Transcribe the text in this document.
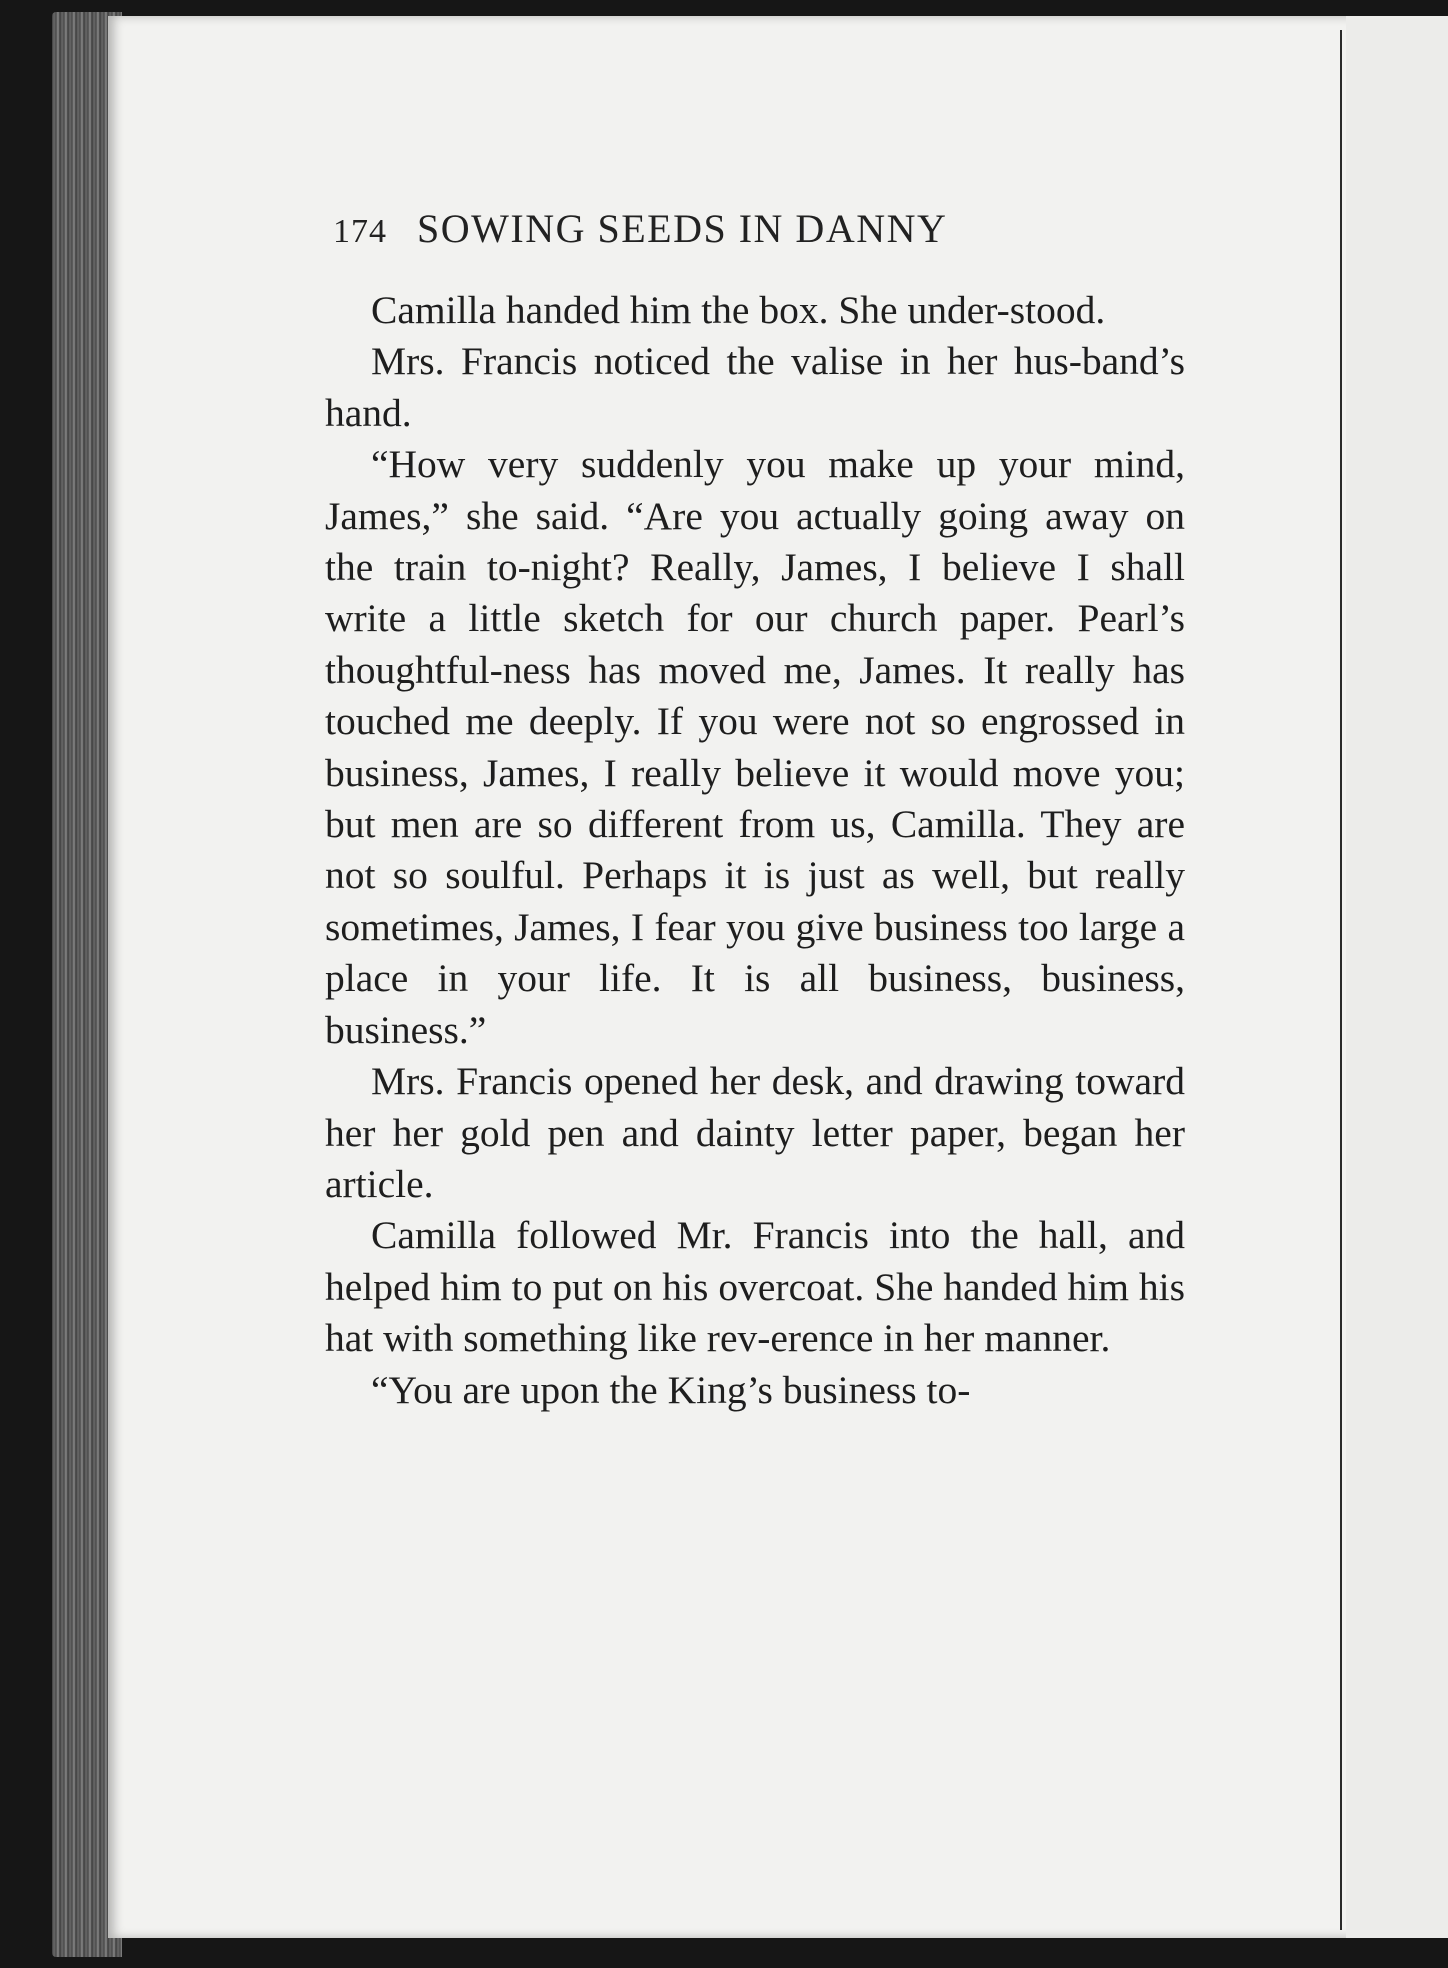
174 SOWING SEEDS IN DANNY

Camilla handed him the box. She under-stood.

Mrs. Francis noticed the valise in her hus-band’s hand.

“How very suddenly you make up your mind, James,” she said. “Are you actually going away on the train to-night? Really, James, I believe I shall write a little sketch for our church paper. Pearl’s thoughtful-ness has moved me, James. It really has touched me deeply. If you were not so engrossed in business, James, I really believe it would move you; but men are so different from us, Camilla. They are not so soulful. Perhaps it is just as well, but really sometimes, James, I fear you give business too large a place in your life. It is all business, business, business.”

Mrs. Francis opened her desk, and drawing toward her her gold pen and dainty letter paper, began her article.

Camilla followed Mr. Francis into the hall, and helped him to put on his overcoat. She handed him his hat with something like rev-erence in her manner.

“You are upon the King’s business to-
